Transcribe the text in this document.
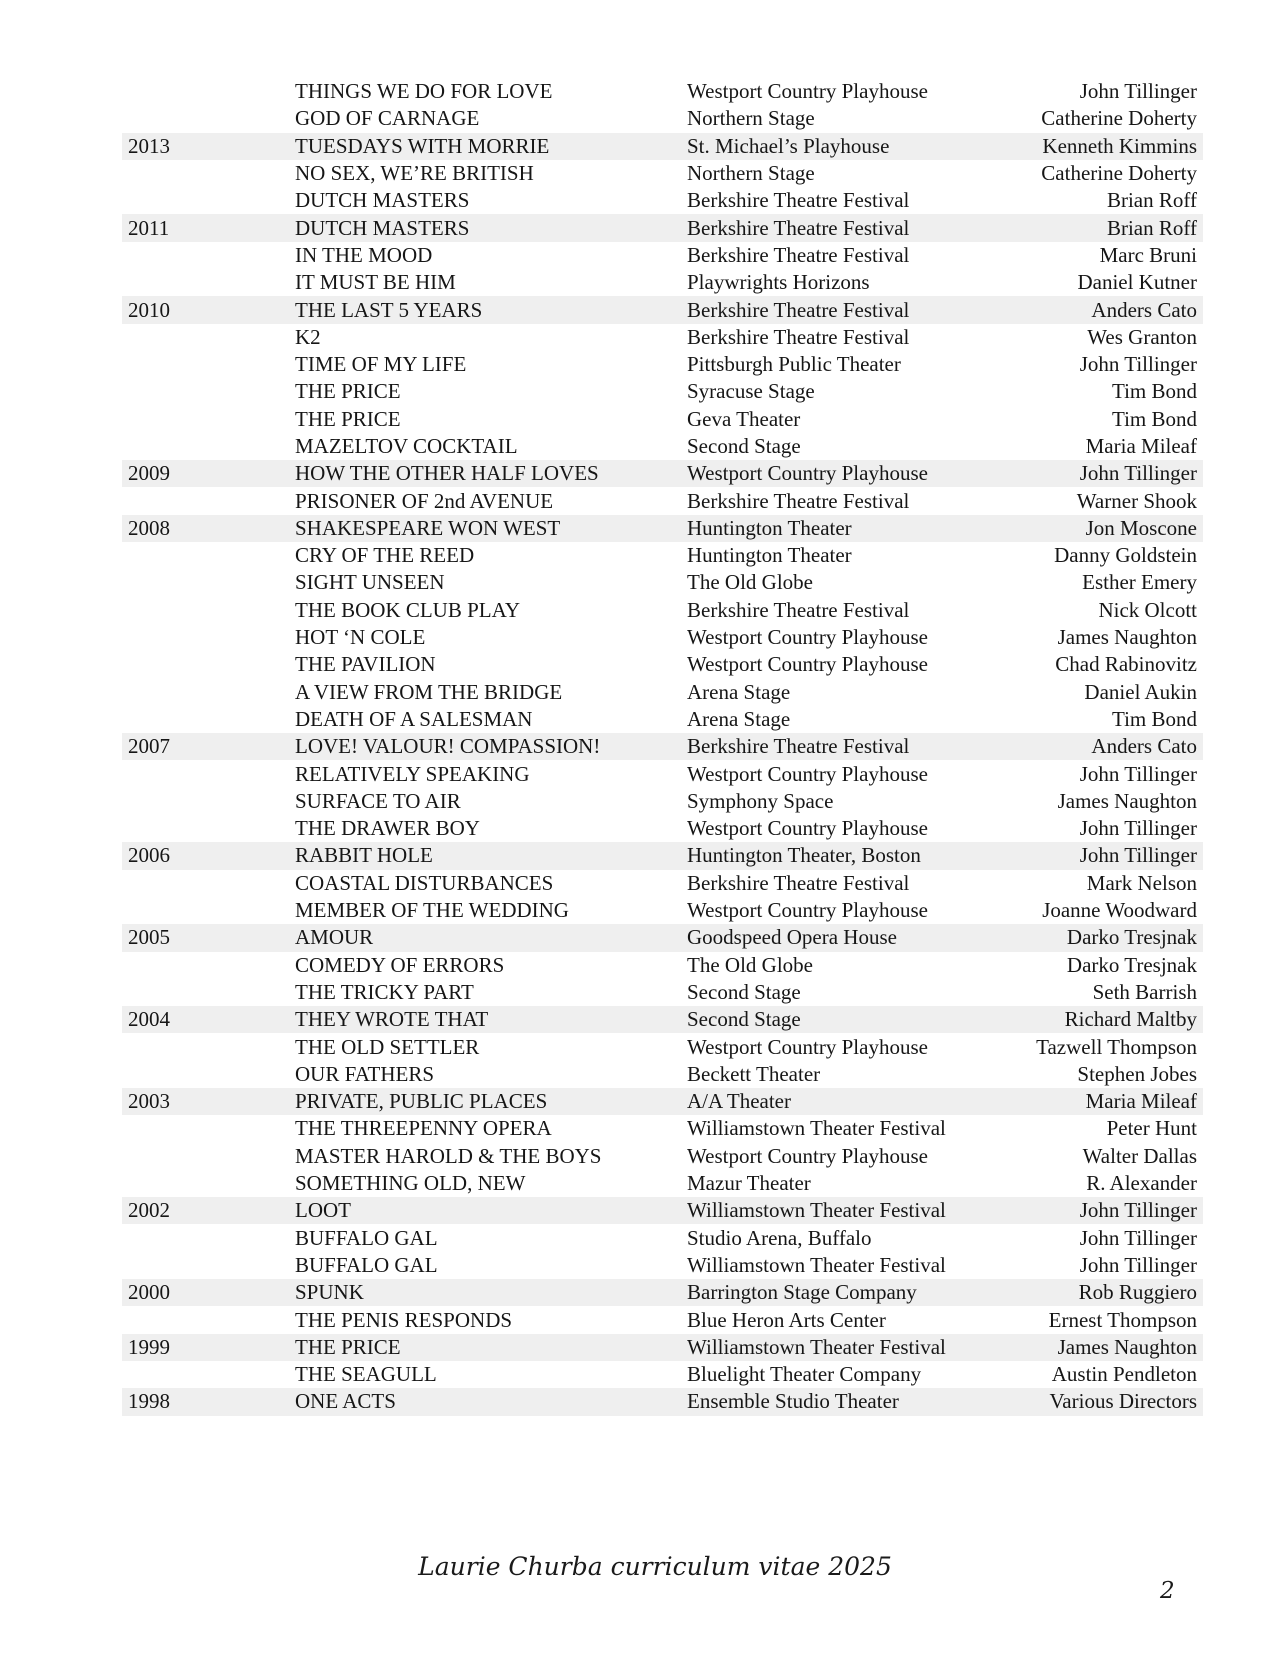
THINGS WE DO FOR LOVE	Westport Country Playhouse	John Tillinger
GOD OF CARNAGE	Northern Stage	Catherine Doherty
2013	TUESDAYS WITH MORRIE	St. Michael’s Playhouse	Kenneth Kimmins
NO SEX, WE’RE BRITISH	Northern Stage	Catherine Doherty
DUTCH MASTERS	Berkshire Theatre Festival	Brian Roff
2011	DUTCH MASTERS	Berkshire Theatre Festival	Brian Roff
IN THE MOOD	Berkshire Theatre Festival	Marc Bruni
IT MUST BE HIM	Playwrights Horizons	Daniel Kutner
2010	THE LAST 5 YEARS	Berkshire Theatre Festival	Anders Cato
K2	Berkshire Theatre Festival	Wes Granton
TIME OF MY LIFE	Pittsburgh Public Theater	John Tillinger
THE PRICE	Syracuse Stage	Tim Bond
THE PRICE	Geva Theater	Tim Bond
MAZELTOV COCKTAIL	Second Stage	Maria Mileaf
2009	HOW THE OTHER HALF LOVES	Westport Country Playhouse	John Tillinger
PRISONER OF 2nd AVENUE	Berkshire Theatre Festival	Warner Shook
2008	SHAKESPEARE WON WEST	Huntington Theater	Jon Moscone
CRY OF THE REED	Huntington Theater	Danny Goldstein
SIGHT UNSEEN	The Old Globe	Esther Emery
THE BOOK CLUB PLAY	Berkshire Theatre Festival	Nick Olcott
HOT ‘N COLE	Westport Country Playhouse	James Naughton
THE PAVILION	Westport Country Playhouse	Chad Rabinovitz
A VIEW FROM THE BRIDGE	Arena Stage	Daniel Aukin
DEATH OF A SALESMAN	Arena Stage	Tim Bond
2007	LOVE! VALOUR! COMPASSION!	Berkshire Theatre Festival	Anders Cato
RELATIVELY SPEAKING	Westport Country Playhouse	John Tillinger
SURFACE TO AIR	Symphony Space	James Naughton
THE DRAWER BOY	Westport Country Playhouse	John Tillinger
2006	RABBIT HOLE	Huntington Theater, Boston	John Tillinger
COASTAL DISTURBANCES	Berkshire Theatre Festival	Mark Nelson
MEMBER OF THE WEDDING	Westport Country Playhouse	Joanne Woodward
2005	AMOUR	Goodspeed Opera House	Darko Tresjnak
COMEDY OF ERRORS	The Old Globe	Darko Tresjnak
THE TRICKY PART	Second Stage	Seth Barrish
2004	THEY WROTE THAT	Second Stage	Richard Maltby
THE OLD SETTLER	Westport Country Playhouse	Tazwell Thompson
OUR FATHERS	Beckett Theater	Stephen Jobes
2003	PRIVATE, PUBLIC PLACES	A/A Theater	Maria Mileaf
THE THREEPENNY OPERA	Williamstown Theater Festival	Peter Hunt
MASTER HAROLD & THE BOYS	Westport Country Playhouse	Walter Dallas
SOMETHING OLD, NEW	Mazur Theater	R. Alexander
2002	LOOT	Williamstown Theater Festival	John Tillinger
BUFFALO GAL	Studio Arena, Buffalo	John Tillinger
BUFFALO GAL	Williamstown Theater Festival	John Tillinger
2000	SPUNK	Barrington Stage Company	Rob Ruggiero
THE PENIS RESPONDS	Blue Heron Arts Center	Ernest Thompson
1999	THE PRICE	Williamstown Theater Festival	James Naughton
THE SEAGULL	Bluelight Theater Company	Austin Pendleton
1998	ONE ACTS	Ensemble Studio Theater	Various Directors
Laurie Churba curriculum vitae 2025
2
